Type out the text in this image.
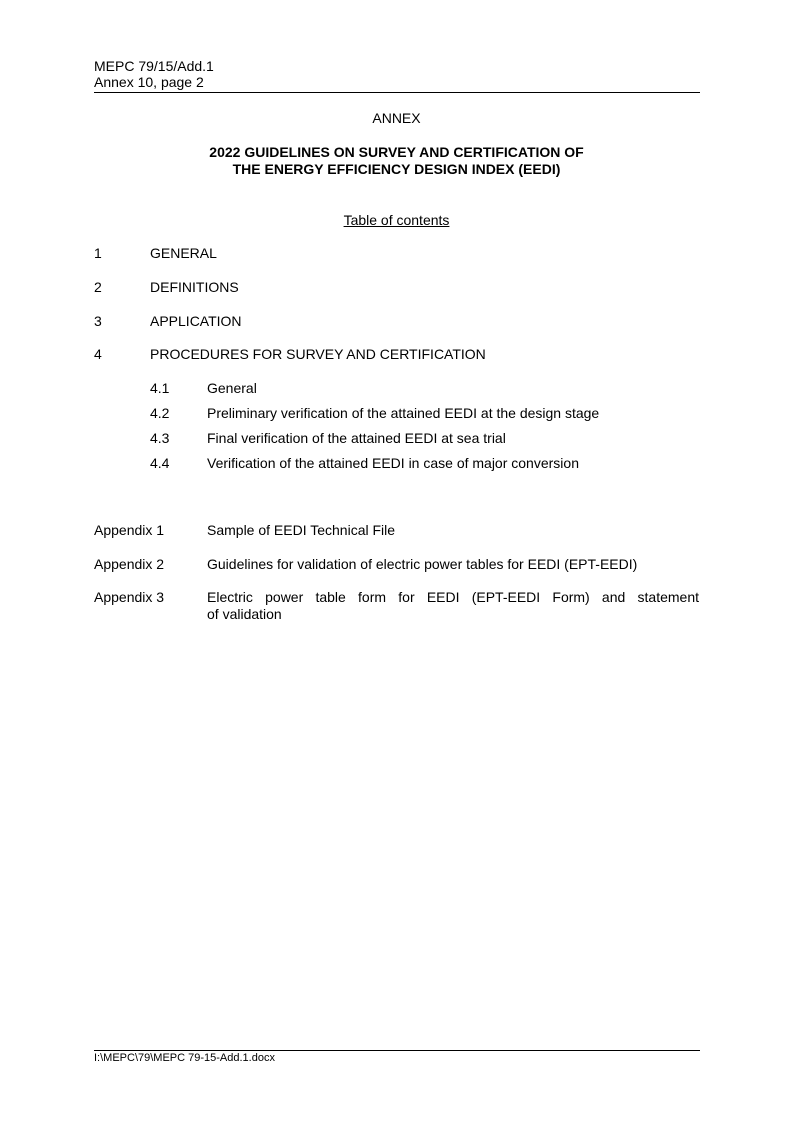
MEPC 79/15/Add.1
Annex 10, page 2
ANNEX
2022 GUIDELINES ON SURVEY AND CERTIFICATION OF
THE ENERGY EFFICIENCY DESIGN INDEX (EEDI)
Table of contents
1	GENERAL
2	DEFINITIONS
3	APPLICATION
4	PROCEDURES FOR SURVEY AND CERTIFICATION
4.1	General
4.2	Preliminary verification of the attained EEDI at the design stage
4.3	Final verification of the attained EEDI at sea trial
4.4	Verification of the attained EEDI in case of major conversion
Appendix 1	Sample of EEDI Technical File
Appendix 2	Guidelines for validation of electric power tables for EEDI (EPT-EEDI)
Appendix 3	Electric power table form for EEDI (EPT-EEDI Form) and statement
of validation
I:\MEPC\79\MEPC 79-15-Add.1.docx
